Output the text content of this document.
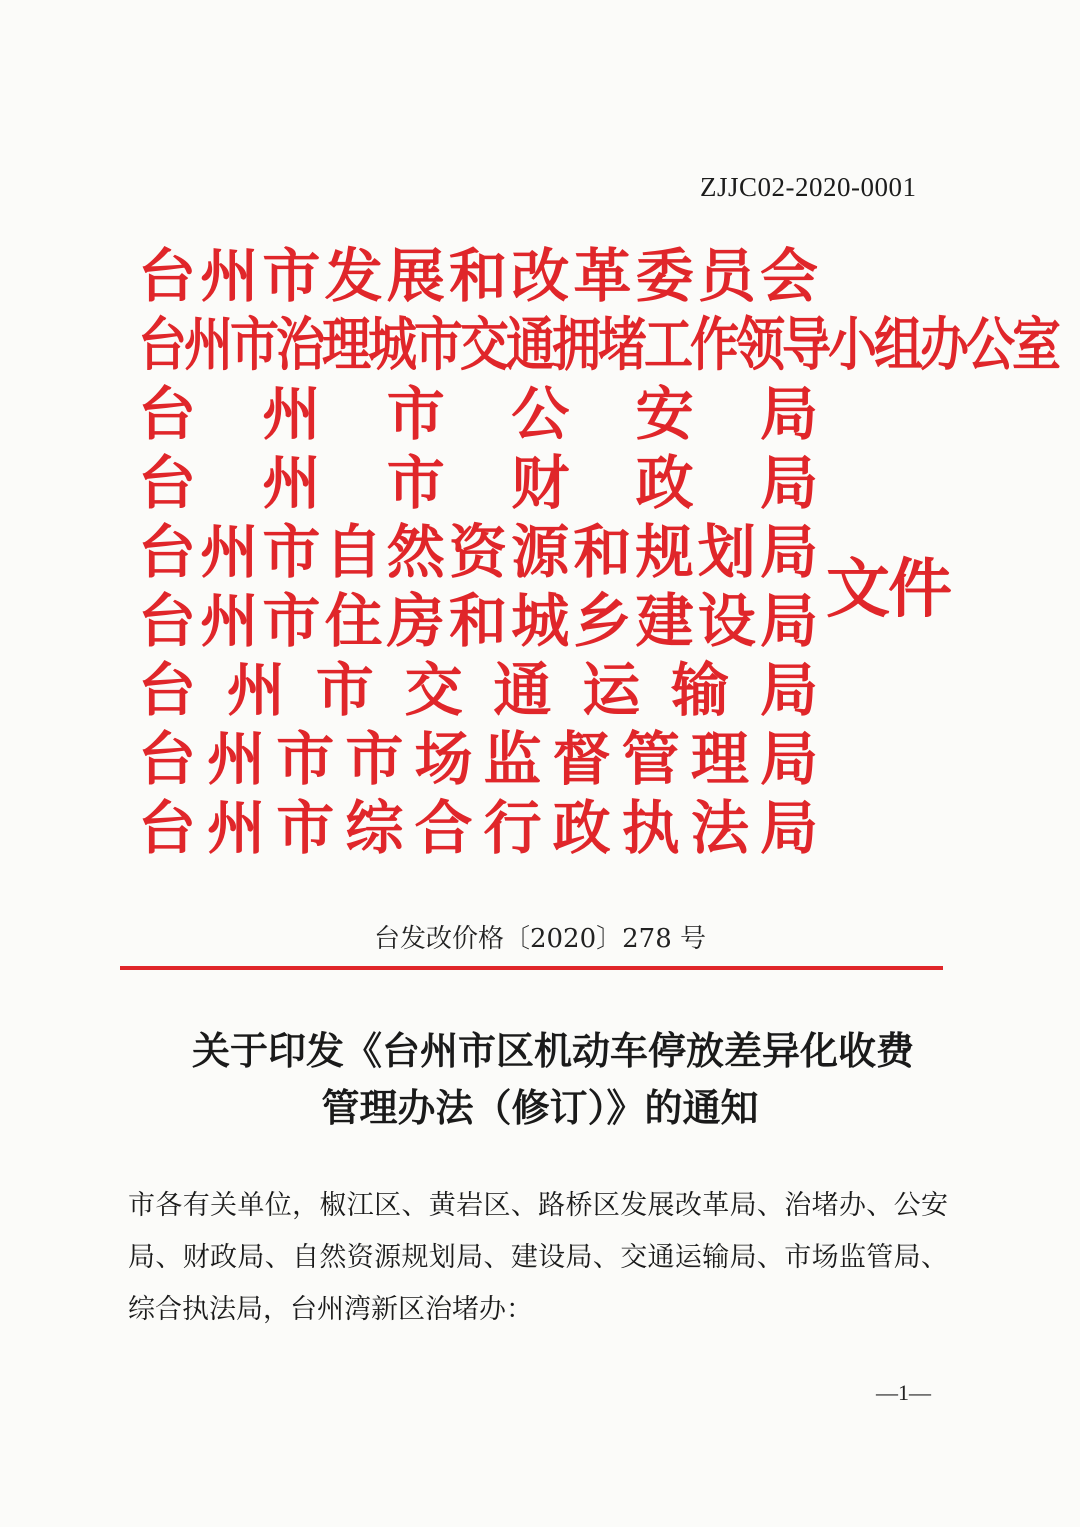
ZJJC02-2020-0001
台州市发展和改革委员会
台州市治理城市交通拥堵工作领导小组办公室
台州市公安局
台州市财政局
台州市自然资源和规划局
台州市住房和城乡建设局
台州市交通运输局
台州市市场监督管理局
台州市综合行政执法局
文件
台发改价格〔2020〕278 号
关于印发《台州市区机动车停放差异化收费
管理办法（修订）》的通知
市各有关单位，椒江区、黄岩区、路桥区发展改革局、治堵办、公安局、财政局、自然资源规划局、建设局、交通运输局、市场监管局、综合执法局，台州湾新区治堵办：
—1—
